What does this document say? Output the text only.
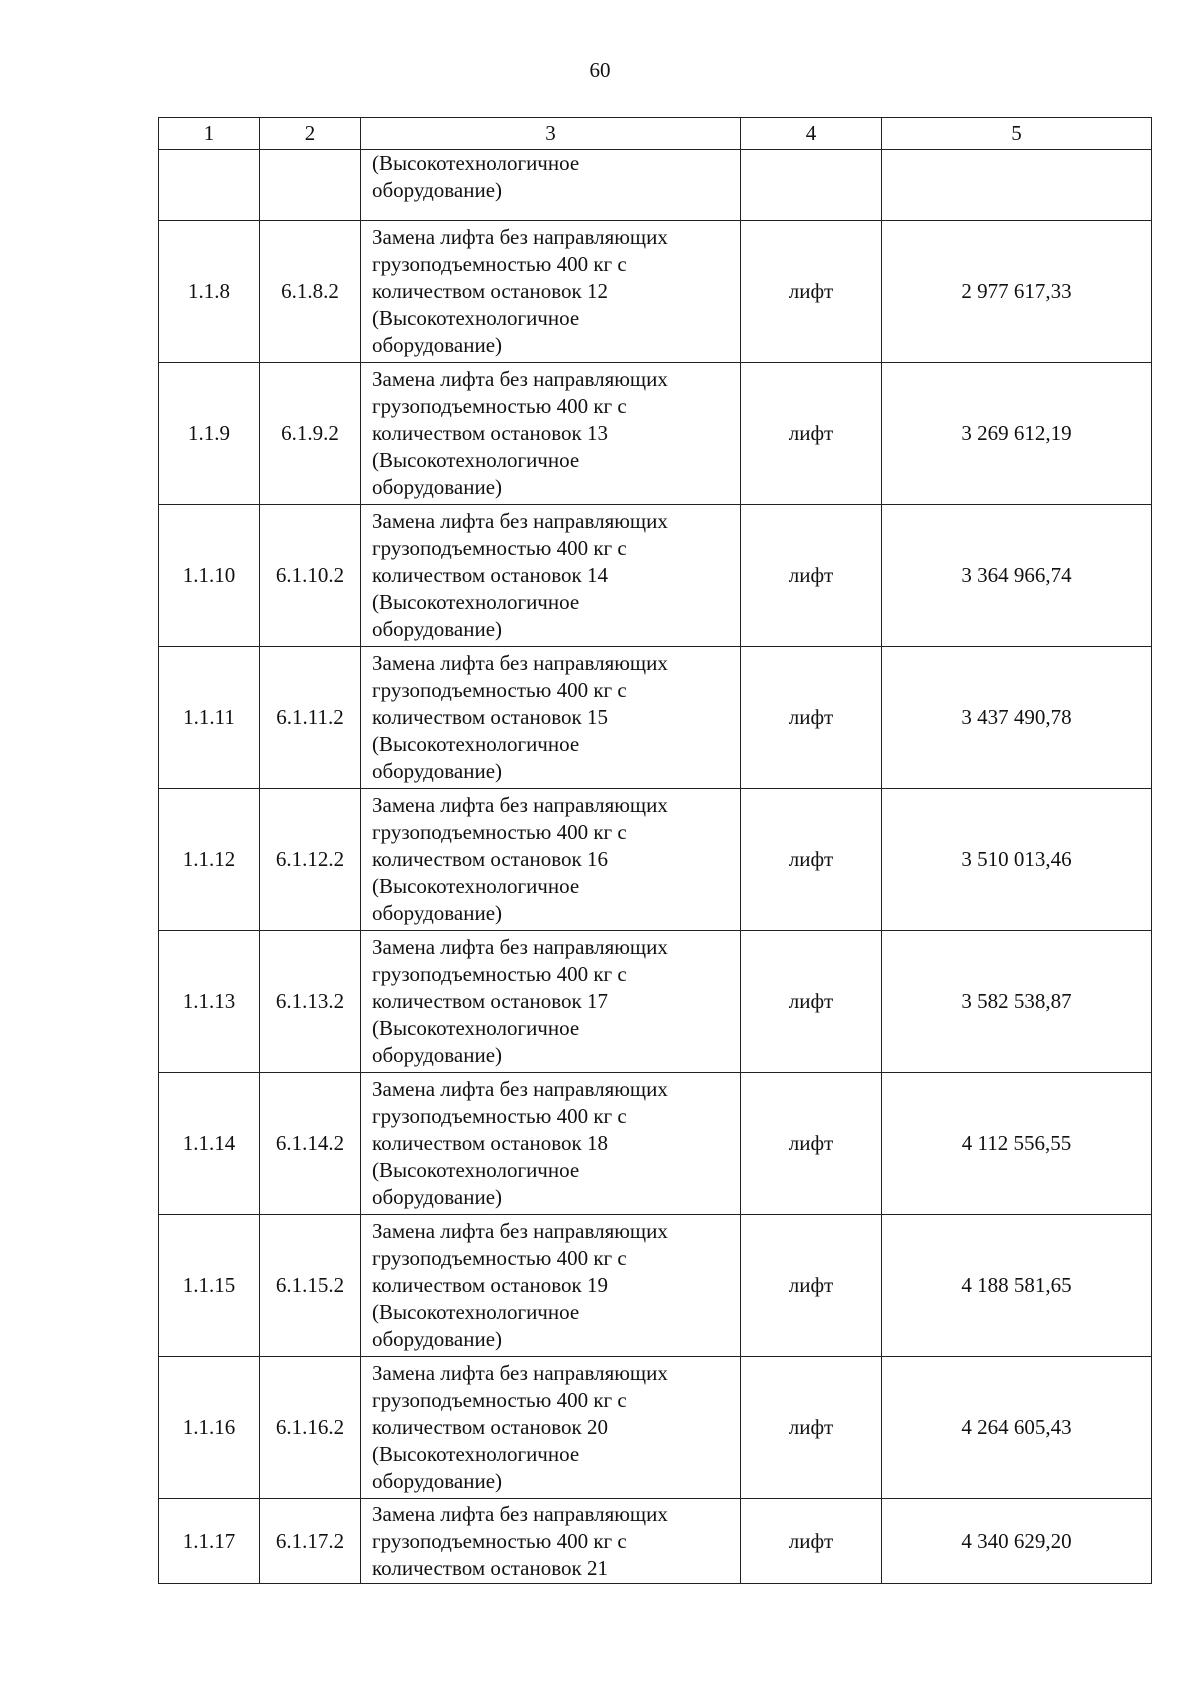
60
1	2	3	4	5

		(Высокотехнологичное
оборудование)		

1.1.8	6.1.8.2	Замена лифта без направляющих
грузоподъемностью 400 кг с
количеством остановок 12
(Высокотехнологичное
оборудование)	лифт	2 977 617,33
1.1.9	6.1.9.2	Замена лифта без направляющих
грузоподъемностью 400 кг с
количеством остановок 13
(Высокотехнологичное
оборудование)	лифт	3 269 612,19
1.1.10	6.1.10.2	Замена лифта без направляющих
грузоподъемностью 400 кг с
количеством остановок 14
(Высокотехнологичное
оборудование)	лифт	3 364 966,74
1.1.11	6.1.11.2	Замена лифта без направляющих
грузоподъемностью 400 кг с
количеством остановок 15
(Высокотехнологичное
оборудование)	лифт	3 437 490,78
1.1.12	6.1.12.2	Замена лифта без направляющих
грузоподъемностью 400 кг с
количеством остановок 16
(Высокотехнологичное
оборудование)	лифт	3 510 013,46
1.1.13	6.1.13.2	Замена лифта без направляющих
грузоподъемностью 400 кг с
количеством остановок 17
(Высокотехнологичное
оборудование)	лифт	3 582 538,87
1.1.14	6.1.14.2	Замена лифта без направляющих
грузоподъемностью 400 кг с
количеством остановок 18
(Высокотехнологичное
оборудование)	лифт	4 112 556,55
1.1.15	6.1.15.2	Замена лифта без направляющих
грузоподъемностью 400 кг с
количеством остановок 19
(Высокотехнологичное
оборудование)	лифт	4 188 581,65
1.1.16	6.1.16.2	Замена лифта без направляющих
грузоподъемностью 400 кг с
количеством остановок 20
(Высокотехнологичное
оборудование)	лифт	4 264 605,43
1.1.17	6.1.17.2	Замена лифта без направляющих
грузоподъемностью 400 кг с
количеством остановок 21	лифт	4 340 629,20
